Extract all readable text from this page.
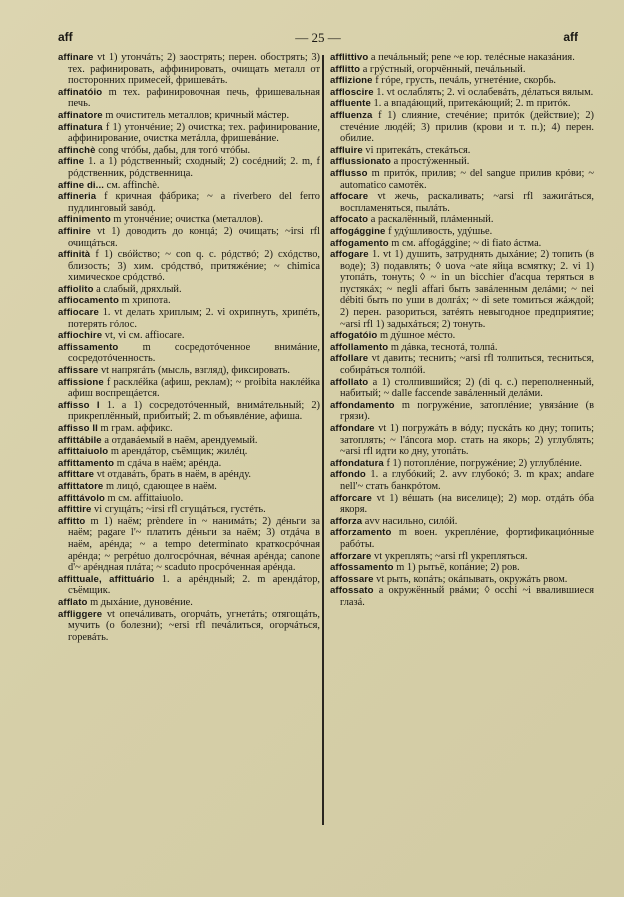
aff	— 25 —	aff

affinare vt 1) утончáть; 2) заострять; перен. обострять; 3) тех. рафинировать, аффинировать, очищать металл от посторонних примесей, фришевáть.

affinatóio m тех. рафинировочная печь, фришевальная печь.

affinatore m очиститель металлов; кричный мáстер.

affinatura f 1) утончéние; 2) очистка; тех. рафинирование, аффинирование, очистка метáлла, фришевáние.

affinchè cong чтóбы, дабы, для тогó чтóбы.

affine 1. a 1) рóдственный; сходный; 2) сосéдний; 2. m, f рóдственник, рóдственница.

affine di... см. affinchè.

affineria f кричная фáбрика; ~ a riverbero del ferro пудлинговый завóд.

affinimento m утончéние; очистка (металлов).

affinire vt 1) доводить до концá; 2) очищать; ~irsi rfl очищáться.

affinità f 1) свóйство; ~ con q. c. рóдствó; 2) схóдство, близость; 3) хим. срóдствó, притяжéние; ~ chimica химическое срóдствó.

affiolito a слабый, дряхлый.

affiocamento m хрипота.

affiocare 1. vt делать хриплым; 2. vi охрипнуть, хрипéть, потерять гóлос.

affiochire vt, vi см. affiocare.

affissamento m сосредотóченное внимáние, сосредотóченность.

affissare vt напрягáть (мысль, взгляд), фиксировать.

affissione f расклéйка (афиш, реклам); ~ proibita наклéйка афиш воспрещáется.

affisso I 1. a 1) сосредотóченный, внимáтельный; 2) прикреплённый, прибитый; 2. m объявлéние, афиша.

affisso II m грам. аффикс.

affittábile a отдавáемый в наём, арендуемый.

affittaiuolo m арендáтор, съёмщик; жилéц.

affittamento m сдáча в наём; арéнда.

affittare vt отдавáть, брать в наём, в арéнду.

affittatore m лицó, сдающее в наём.

affittávolo m см. affittaiuolo.

affittire vi сгущáть; ~irsi rfl сгущáться, густéть.

affitto m 1) наём; prèndere in ~ нанимáть; 2) дéньги за наём; pagare l'~ платить дéньги за наём; 3) отдáча в наём, арéнда; ~ a tempo determinato краткосрóчная арéнда; ~ perpétuo долгосрóчная, вéчная арéнда; canone d'~ арéндная плáта; ~ scaduto просрóченная арéнда.

affittuale, affittuário 1. a арéндный; 2. m арендáтор, съёмщик.

afflato m дыхáние, дуновéние.

affliggere vt опечáливать, огорчáть, угнетáть; отягощáть, мучить (о болезни); ~ersi rfl печáлиться, огорчáться, горевáть.

afflittivo a печáльный; pene ~e юр. телéсные наказáния.

afflitto a грýстный, огорчённый, печáльный.

afflizione f гóре, грусть, печáль, угнетéние, скорбь.

affloscire 1. vt ослаблять; 2. vi ослабевáть, дéлаться вялым.

affluente 1. a впадáющий, притекáющий; 2. m притóк.

affluenza f 1) слияние, стечéние; притóк (действие); 2) стечéние людéй; 3) прилив (крови и т. п.); 4) перен. обилие.

affluire vi притекáть, стекáться.

afflussionato a простýженный.

afflusso m притóк, прилив; ~ del sangue прилив крóви; ~ automatico самотёк.

affocare vt жечь, раскаливать; ~arsi rfl зажигáться, воспламеняться, пылáть.

affocato a раскалённый, плáменный.

affogággine f удýшливость, удýшье.

affogamento m см. affogággine; ~ di fiato áстма.

affogare 1. vt 1) душить, затруднять дыхáние; 2) топить (в воде); 3) подавлять; ◊ uova ~ate яйца всмятку; 2. vi 1) утопáть, тонуть; ◊ ~ in un bicchier d'acqua теряться в пустякáх; ~ negli affari быть завáленным делáми; ~ nei débiti быть по уши в долгáх; ~ di sete томиться жáждой; 2) перен. разориться, затéять невыгодное предприятие; ~arsi rfl 1) задыхáться; 2) тонуть.

affogatóio m дýшное мéсто.

affollamento m дáвка, теснотá, толпá.

affollare vt давить; теснить; ~arsi rfl толпиться, тесниться, собирáться толпóй.

affollato a 1) столпившийся; 2) (di q. c.) переполненный, набитый; ~ dalle faccende завáленный делáми.

affondamento m погружéние, затоплéние; увязáние (в грязи).

affondare vt 1) погружáть в вóду; пускáть ко дну; топить; затоплять; ~ l'áncora мор. стать на якорь; 2) углублять; ~arsi rfl идти ко дну, утопáть.

affondatura f 1) потоплéние, погружéние; 2) углублéние.

affondo 1. a глубóкий; 2. avv глубокó; 3. m крах; andare nell'~ стать банкрóтом.

afforcare vt 1) вéшать (на виселице); 2) мор. отдáть óба якоря.

afforza avv насильно, силóй.

afforzamento m воен. укреплéние, фортификациóнные рабóты.

afforzare vt укреплять; ~arsi rfl укрепляться.

affossamento m 1) рытьё, копáние; 2) ров.

affossare vt рыть, копáть; окáпывать, окружáть рвом.

affossato a окружённый рвáми; ◊ occhi ~i ввалившиеся глазá.
